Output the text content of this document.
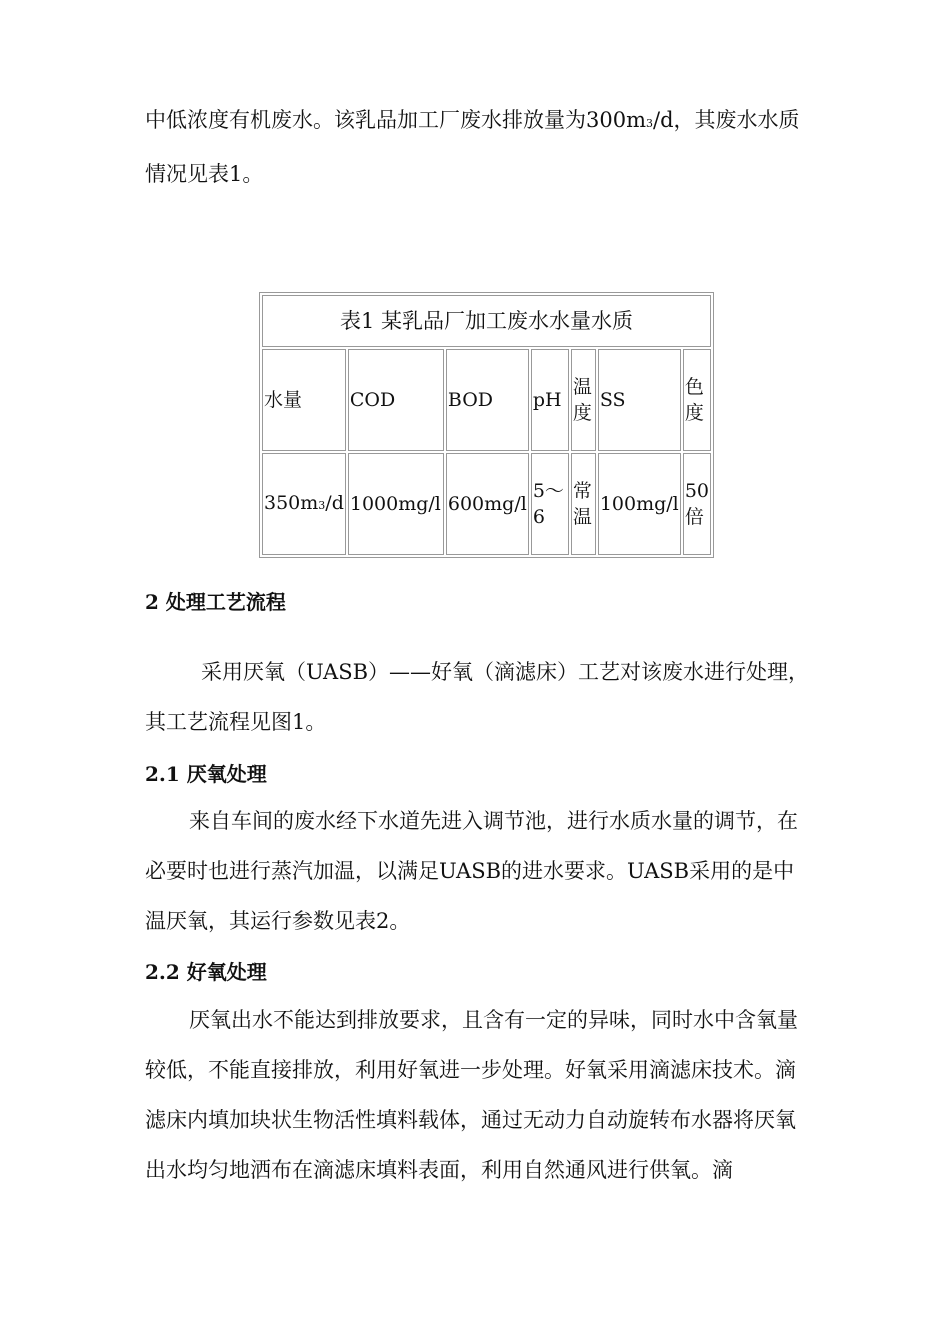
中低浓度有机废水。该乳品加工厂废水排放量为300m3/d，其废水水质情况见表1。

表1 某乳品厂加工废水水量水质						
水量	COD	BOD	pH	温度	SS	色度
350m3/d	1000mg/l	600mg/l	5～6	常温	100mg/l	50倍
2 处理工艺流程

采用厌氧（UASB）——好氧（滴滤床）工艺对该废水进行处理，其工艺流程见图1。

2.1 厌氧处理

来自车间的废水经下水道先进入调节池，进行水质水量的调节，在必要时也进行蒸汽加温，以满足UASB的进水要求。UASB采用的是中温厌氧，其运行参数见表2。

2.2 好氧处理

厌氧出水不能达到排放要求，且含有一定的异味，同时水中含氧量较低，不能直接排放，利用好氧进一步处理。好氧采用滴滤床技术。滴滤床内填加块状生物活性填料载体，通过无动力自动旋转布水器将厌氧出水均匀地洒布在滴滤床填料表面，利用自然通风进行供氧。滴
